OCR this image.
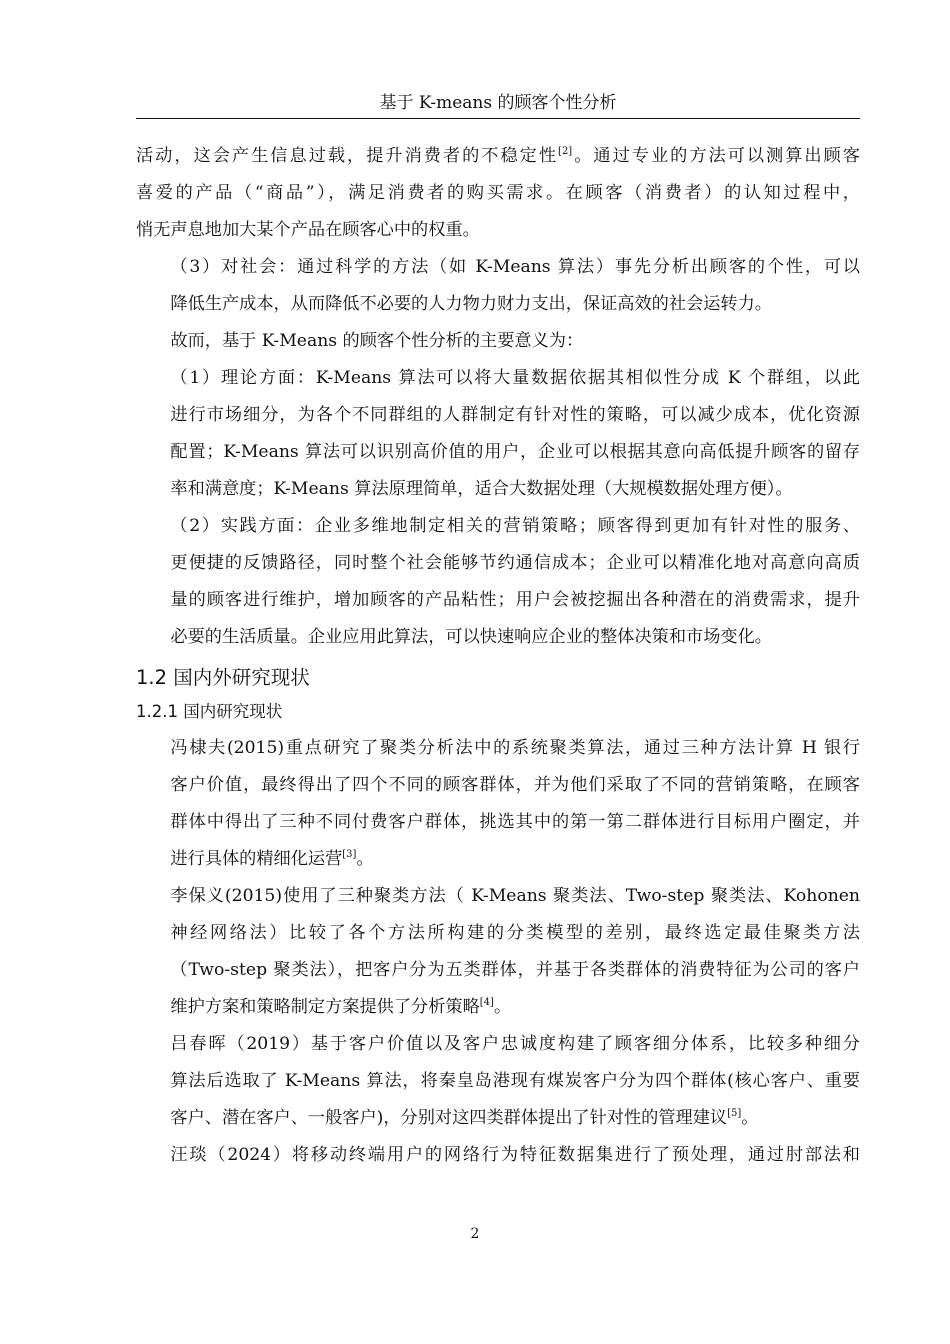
基于 K-means 的顾客个性分析

活动，这会产生信息过载，提升消费者的不稳定性[2]。通过专业的方法可以测算出顾客
喜爱的产品（“商品”），满足消费者的购买需求。在顾客（消费者）的认知过程中，
悄无声息地加大某个产品在顾客心中的权重。

（3）对社会：通过科学的方法（如 K-Means 算法）事先分析出顾客的个性，可以
降低生产成本，从而降低不必要的人力物力财力支出，保证高效的社会运转力。

故而，基于 K-Means 的顾客个性分析的主要意义为：

（1）理论方面：K-Means 算法可以将大量数据依据其相似性分成 K 个群组，以此
进行市场细分，为各个不同群组的人群制定有针对性的策略，可以减少成本，优化资源
配置；K-Means 算法可以识别高价值的用户，企业可以根据其意向高低提升顾客的留存
率和满意度；K-Means 算法原理简单，适合大数据处理（大规模数据处理方便）。

（2）实践方面：企业多维地制定相关的营销策略；顾客得到更加有针对性的服务、
更便捷的反馈路径，同时整个社会能够节约通信成本；企业可以精准化地对高意向高质
量的顾客进行维护，增加顾客的产品粘性；用户会被挖掘出各种潜在的消费需求，提升
必要的生活质量。企业应用此算法，可以快速响应企业的整体决策和市场变化。

1.2 国内外研究现状
1.2.1 国内研究现状

冯棣夫(2015)重点研究了聚类分析法中的系统聚类算法，通过三种方法计算 H 银行
客户价值，最终得出了四个不同的顾客群体，并为他们采取了不同的营销策略，在顾客
群体中得出了三种不同付费客户群体，挑选其中的第一第二群体进行目标用户圈定，并
进行具体的精细化运营[3]。

李保义(2015)使用了三种聚类方法（ K-Means 聚类法、Two-step 聚类法、Kohonen
神经网络法）比较了各个方法所构建的分类模型的差别，最终选定最佳聚类方法
（Two-step 聚类法），把客户分为五类群体，并基于各类群体的消费特征为公司的客户
维护方案和策略制定方案提供了分析策略[4]。

吕春晖（2019）基于客户价值以及客户忠诚度构建了顾客细分体系，比较多种细分
算法后选取了 K-Means 算法，将秦皇岛港现有煤炭客户分为四个群体(核心客户、重要
客户、潜在客户、一般客户)，分别对这四类群体提出了针对性的管理建议[5]。

汪琰（2024）将移动终端用户的网络行为特征数据集进行了预处理，通过肘部法和

2
